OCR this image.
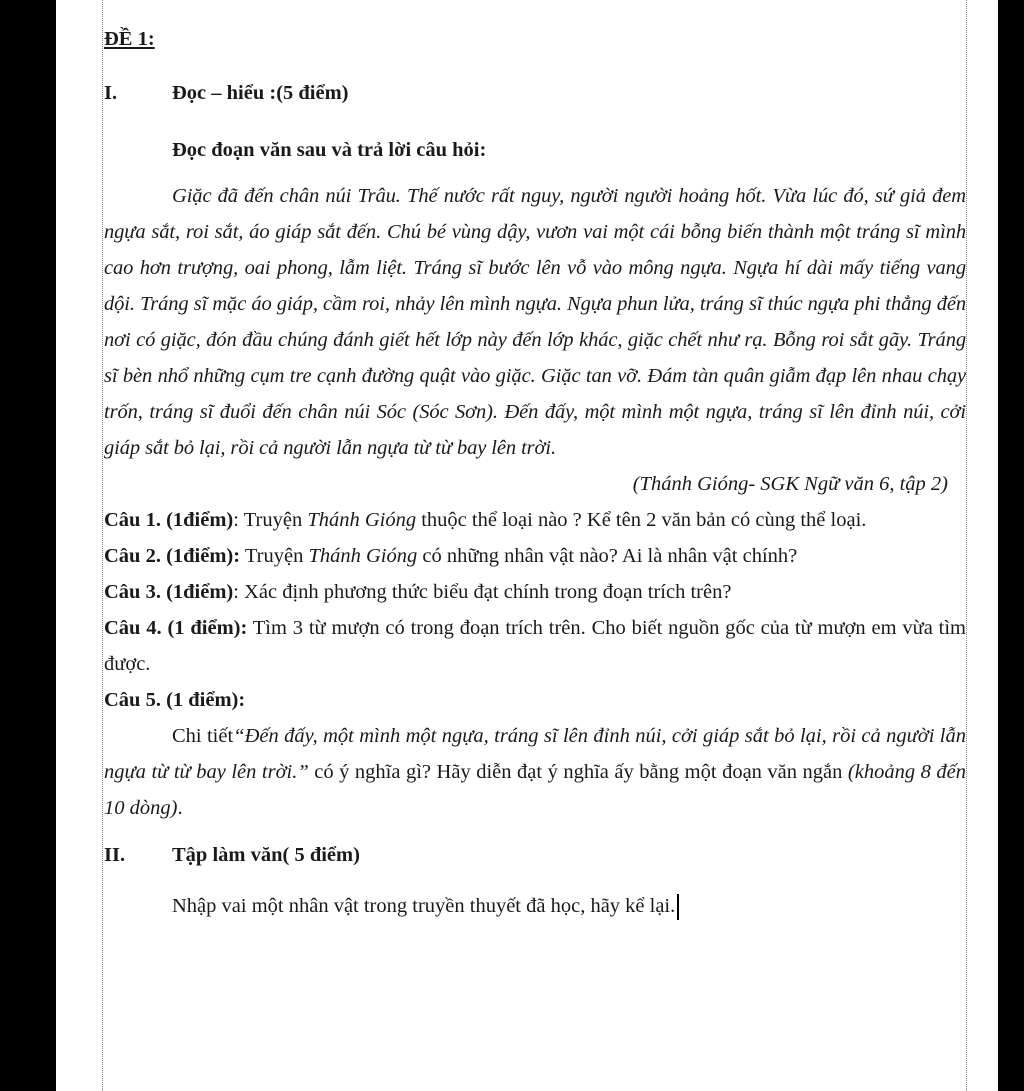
ĐỀ 1:

I.	Đọc – hiểu :(5 điểm)

Đọc đoạn văn sau và trả lời câu hỏi:

Giặc đã đến chân núi Trâu. Thế nước rất nguy, người người hoảng hốt. Vừa lúc đó, sứ giả đem ngựa sắt, roi sắt, áo giáp sắt đến. Chú bé vùng dậy, vươn vai một cái bỗng biến thành một tráng sĩ mình cao hơn trượng, oai phong, lẫm liệt. Tráng sĩ bước lên vỗ vào mông ngựa. Ngựa hí dài mấy tiếng vang dội. Tráng sĩ mặc áo giáp, cầm roi, nhảy lên mình ngựa. Ngựa phun lửa, tráng sĩ thúc ngựa phi thẳng đến nơi có giặc, đón đầu chúng đánh giết hết lớp này đến lớp khác, giặc chết như rạ. Bỗng roi sắt gãy. Tráng sĩ bèn nhổ những cụm tre cạnh đường quật vào giặc. Giặc tan vỡ. Đám tàn quân giẫm đạp lên nhau chạy trốn, tráng sĩ đuổi đến chân núi Sóc (Sóc Sơn). Đến đấy, một mình một ngựa, tráng sĩ lên đỉnh núi, cởi giáp sắt bỏ lại, rồi cả người lẫn ngựa từ từ bay lên trời.

(Thánh Gióng- SGK Ngữ văn 6, tập 2)

Câu 1. (1điểm): Truyện Thánh Gióng thuộc thể loại nào ? Kể tên 2 văn bản có cùng thể loại.

Câu 2. (1điểm): Truyện Thánh Gióng có những nhân vật nào? Ai là nhân vật chính?

Câu 3. (1điểm): Xác định phương thức biểu đạt chính trong đoạn trích trên?

Câu 4. (1 điểm): Tìm 3 từ mượn có trong đoạn trích trên. Cho biết nguồn gốc của từ mượn em vừa tìm được.

Câu 5. (1 điểm):

Chi tiết“Đến đấy, một mình một ngựa, tráng sĩ lên đỉnh núi, cởi giáp sắt bỏ lại, rồi cả người lẫn ngựa từ từ bay lên trời.” có ý nghĩa gì? Hãy diễn đạt ý nghĩa ấy bằng một đoạn văn ngắn (khoảng 8 đến 10 dòng).

II.	Tập làm văn( 5 điểm)

Nhập vai một nhân vật trong truyền thuyết đã học, hãy kể lại.
